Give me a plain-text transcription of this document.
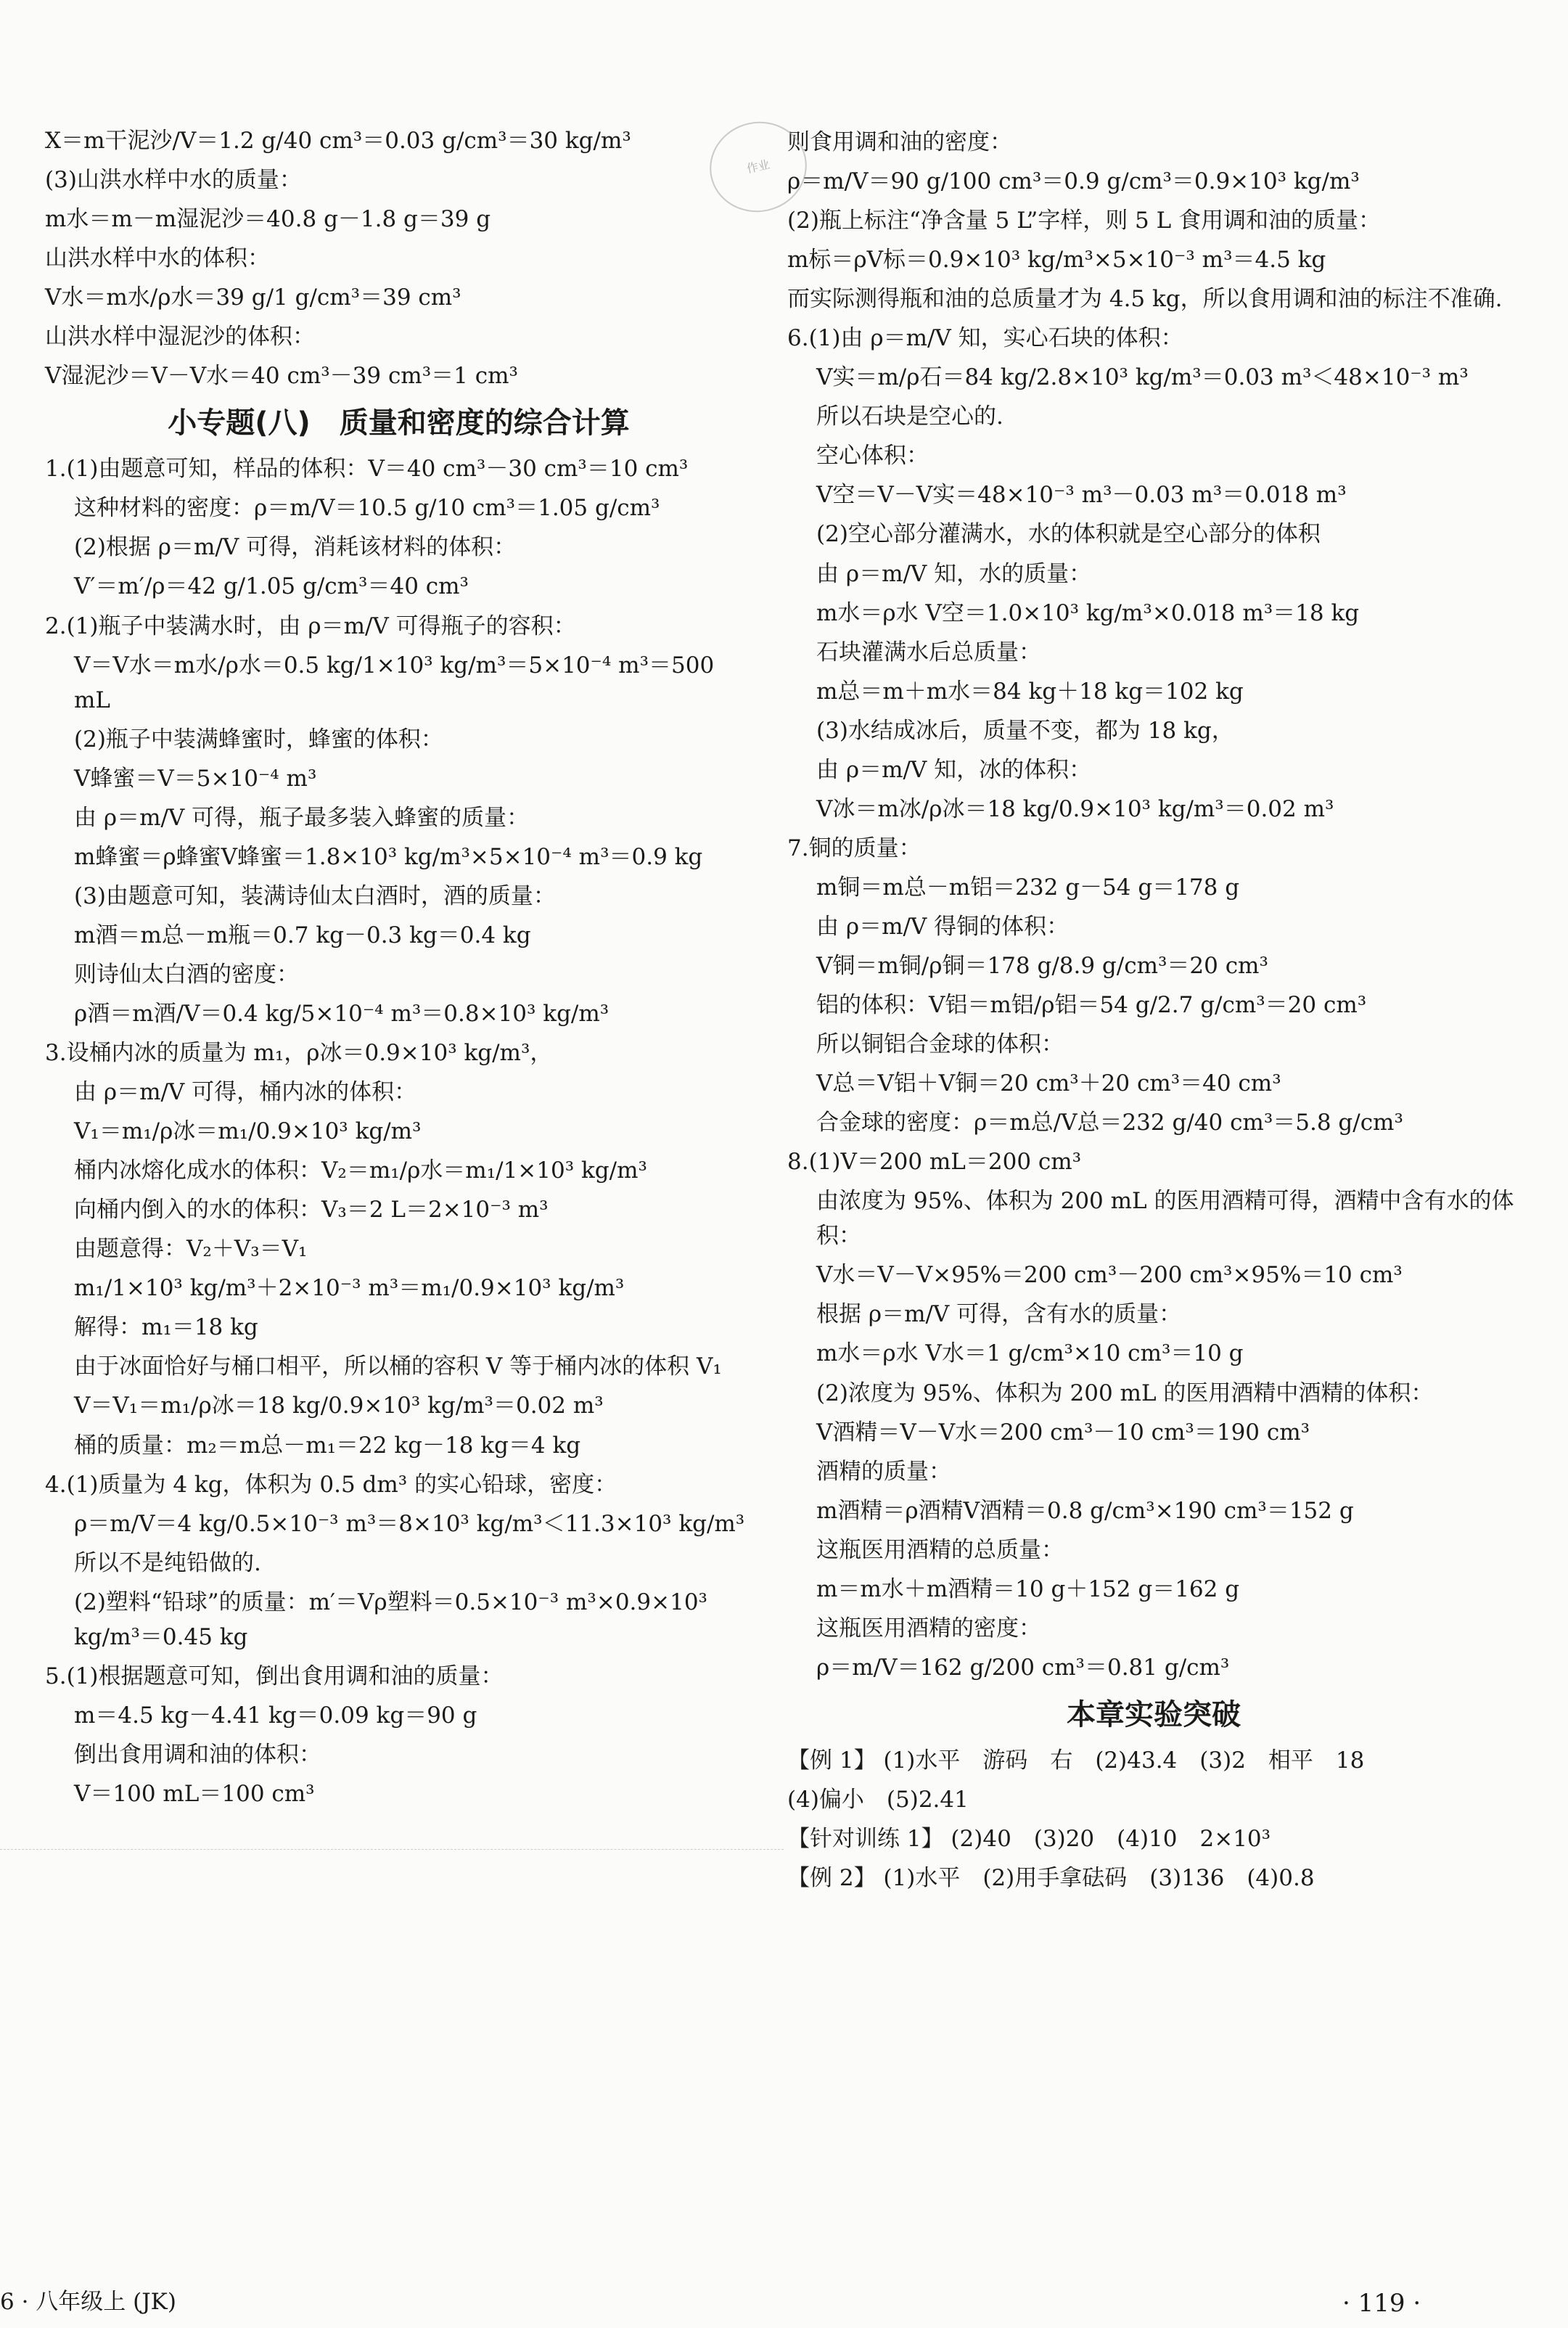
X＝m干泥沙/V＝1.2 g/40 cm³＝0.03 g/cm³＝30 kg/m³
(3)山洪水样中水的质量：
m水＝m－m湿泥沙＝40.8 g－1.8 g＝39 g
山洪水样中水的体积：
V水＝m水/ρ水＝39 g/1 g/cm³＝39 cm³
山洪水样中湿泥沙的体积：
V湿泥沙＝V－V水＝40 cm³－39 cm³＝1 cm³
小专题(八)　质量和密度的综合计算
1.(1)由题意可知，样品的体积：V＝40 cm³－30 cm³＝10 cm³
这种材料的密度：ρ＝m/V＝10.5 g/10 cm³＝1.05 g/cm³
(2)根据 ρ＝m/V 可得，消耗该材料的体积：
V′＝m′/ρ＝42 g/1.05 g/cm³＝40 cm³
2.(1)瓶子中装满水时，由 ρ＝m/V 可得瓶子的容积：
V＝V水＝m水/ρ水＝0.5 kg/1×10³ kg/m³＝5×10⁻⁴ m³＝500 mL
(2)瓶子中装满蜂蜜时，蜂蜜的体积：
V蜂蜜＝V＝5×10⁻⁴ m³
由 ρ＝m/V 可得，瓶子最多装入蜂蜜的质量：
m蜂蜜＝ρ蜂蜜V蜂蜜＝1.8×10³ kg/m³×5×10⁻⁴ m³＝0.9 kg
(3)由题意可知，装满诗仙太白酒时，酒的质量：
m酒＝m总－m瓶＝0.7 kg－0.3 kg＝0.4 kg
则诗仙太白酒的密度：
ρ酒＝m酒/V＝0.4 kg/5×10⁻⁴ m³＝0.8×10³ kg/m³
3.设桶内冰的质量为 m₁，ρ冰＝0.9×10³ kg/m³，
由 ρ＝m/V 可得，桶内冰的体积：
V₁＝m₁/ρ冰＝m₁/0.9×10³ kg/m³
桶内冰熔化成水的体积：V₂＝m₁/ρ水＝m₁/1×10³ kg/m³
向桶内倒入的水的体积：V₃＝2 L＝2×10⁻³ m³
由题意得：V₂＋V₃＝V₁
m₁/1×10³ kg/m³＋2×10⁻³ m³＝m₁/0.9×10³ kg/m³
解得：m₁＝18 kg
由于冰面恰好与桶口相平，所以桶的容积 V 等于桶内冰的体积 V₁
V＝V₁＝m₁/ρ冰＝18 kg/0.9×10³ kg/m³＝0.02 m³
桶的质量：m₂＝m总－m₁＝22 kg－18 kg＝4 kg
4.(1)质量为 4 kg，体积为 0.5 dm³ 的实心铅球，密度：
ρ＝m/V＝4 kg/0.5×10⁻³ m³＝8×10³ kg/m³＜11.3×10³ kg/m³
所以不是纯铅做的.
(2)塑料“铅球”的质量：m′＝Vρ塑料＝0.5×10⁻³ m³×0.9×10³ kg/m³＝0.45 kg
5.(1)根据题意可知，倒出食用调和油的质量：
m＝4.5 kg－4.41 kg＝0.09 kg＝90 g
倒出食用调和油的体积：
V＝100 mL＝100 cm³
则食用调和油的密度：
ρ＝m/V＝90 g/100 cm³＝0.9 g/cm³＝0.9×10³ kg/m³
(2)瓶上标注“净含量 5 L”字样，则 5 L 食用调和油的质量：
m标＝ρV标＝0.9×10³ kg/m³×5×10⁻³ m³＝4.5 kg
而实际测得瓶和油的总质量才为 4.5 kg，所以食用调和油的标注不准确.
6.(1)由 ρ＝m/V 知，实心石块的体积：
V实＝m/ρ石＝84 kg/2.8×10³ kg/m³＝0.03 m³＜48×10⁻³ m³
所以石块是空心的.
空心体积：
V空＝V－V实＝48×10⁻³ m³－0.03 m³＝0.018 m³
(2)空心部分灌满水，水的体积就是空心部分的体积
由 ρ＝m/V 知，水的质量：
m水＝ρ水 V空＝1.0×10³ kg/m³×0.018 m³＝18 kg
石块灌满水后总质量：
m总＝m＋m水＝84 kg＋18 kg＝102 kg
(3)水结成冰后，质量不变，都为 18 kg，
由 ρ＝m/V 知，冰的体积：
V冰＝m冰/ρ冰＝18 kg/0.9×10³ kg/m³＝0.02 m³
7.铜的质量：
m铜＝m总－m铝＝232 g－54 g＝178 g
由 ρ＝m/V 得铜的体积：
V铜＝m铜/ρ铜＝178 g/8.9 g/cm³＝20 cm³
铝的体积：V铝＝m铝/ρ铝＝54 g/2.7 g/cm³＝20 cm³
所以铜铝合金球的体积：
V总＝V铝＋V铜＝20 cm³＋20 cm³＝40 cm³
合金球的密度：ρ＝m总/V总＝232 g/40 cm³＝5.8 g/cm³
8.(1)V＝200 mL＝200 cm³
由浓度为 95%、体积为 200 mL 的医用酒精可得，酒精中含有水的体积：
V水＝V－V×95%＝200 cm³－200 cm³×95%＝10 cm³
根据 ρ＝m/V 可得，含有水的质量：
m水＝ρ水 V水＝1 g/cm³×10 cm³＝10 g
(2)浓度为 95%、体积为 200 mL 的医用酒精中酒精的体积：
V酒精＝V－V水＝200 cm³－10 cm³＝190 cm³
酒精的质量：
m酒精＝ρ酒精V酒精＝0.8 g/cm³×190 cm³＝152 g
这瓶医用酒精的总质量：
m＝m水＋m酒精＝10 g＋152 g＝162 g
这瓶医用酒精的密度：
ρ＝m/V＝162 g/200 cm³＝0.81 g/cm³
本章实验突破
【例 1】 (1)水平　游码　右　(2)43.4　(3)2　相平　18
(4)偏小　(5)2.41
【针对训练 1】 (2)40　(3)20　(4)10　2×10³
【例 2】 (1)水平　(2)用手拿砝码　(3)136　(4)0.8
作业
6 · 八年级上 (JK)	· 119 ·
